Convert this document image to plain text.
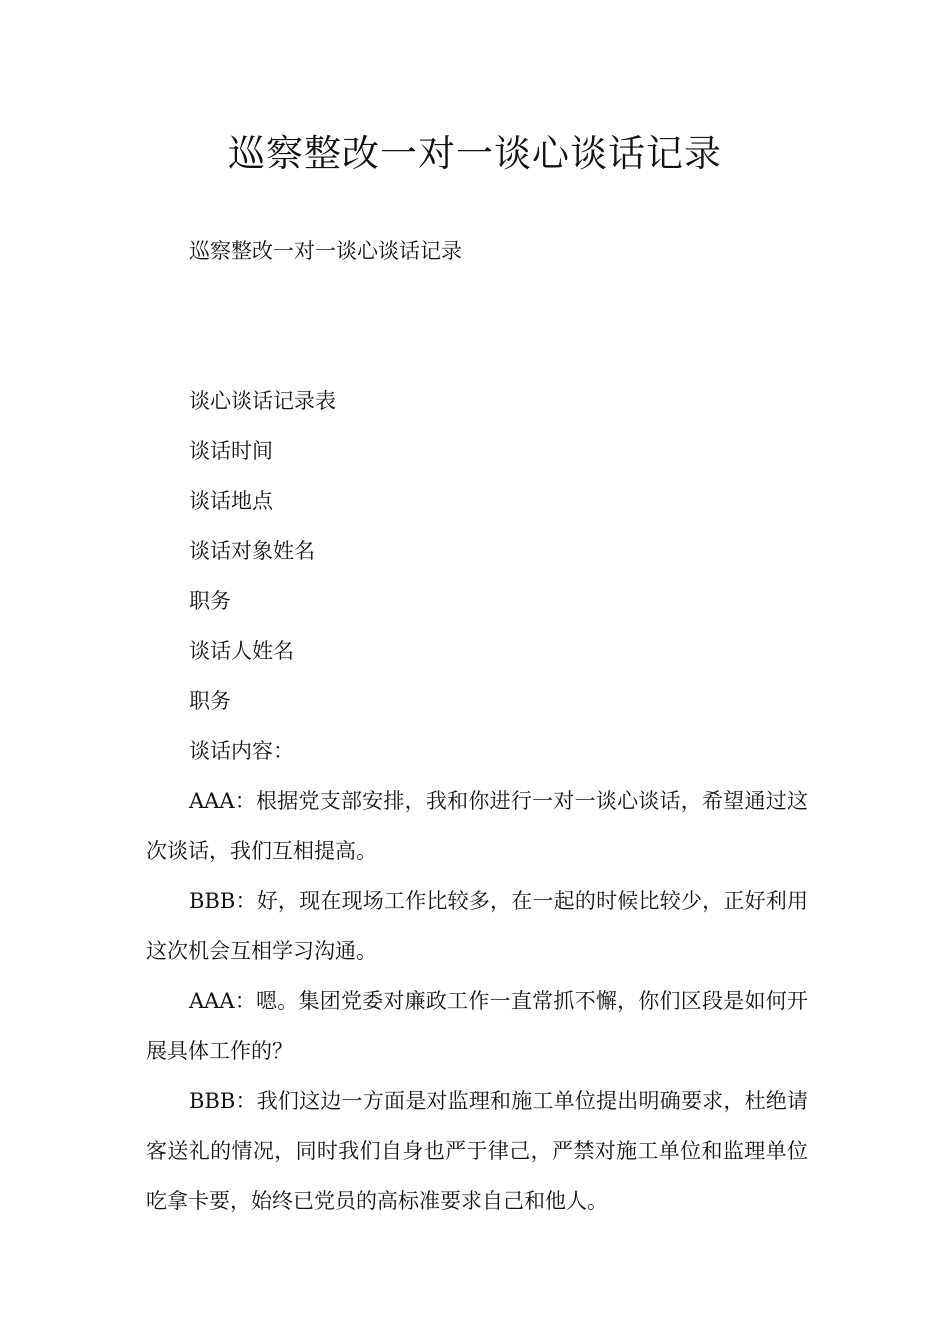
巡察整改一对一谈心谈话记录

巡察整改一对一谈心谈话记录

谈心谈话记录表

谈话时间

谈话地点

谈话对象姓名

职务

谈话人姓名

职务

谈话内容：

AAA：根据党支部安排，我和你进行一对一谈心谈话，希望通过这次谈话，我们互相提高。

BBB：好，现在现场工作比较多，在一起的时候比较少，正好利用这次机会互相学习沟通。

AAA：嗯。集团党委对廉政工作一直常抓不懈，你们区段是如何开展具体工作的？

BBB：我们这边一方面是对监理和施工单位提出明确要求，杜绝请客送礼的情况，同时我们自身也严于律己，严禁对施工单位和监理单位吃拿卡要，始终已党员的高标准要求自己和他人。
